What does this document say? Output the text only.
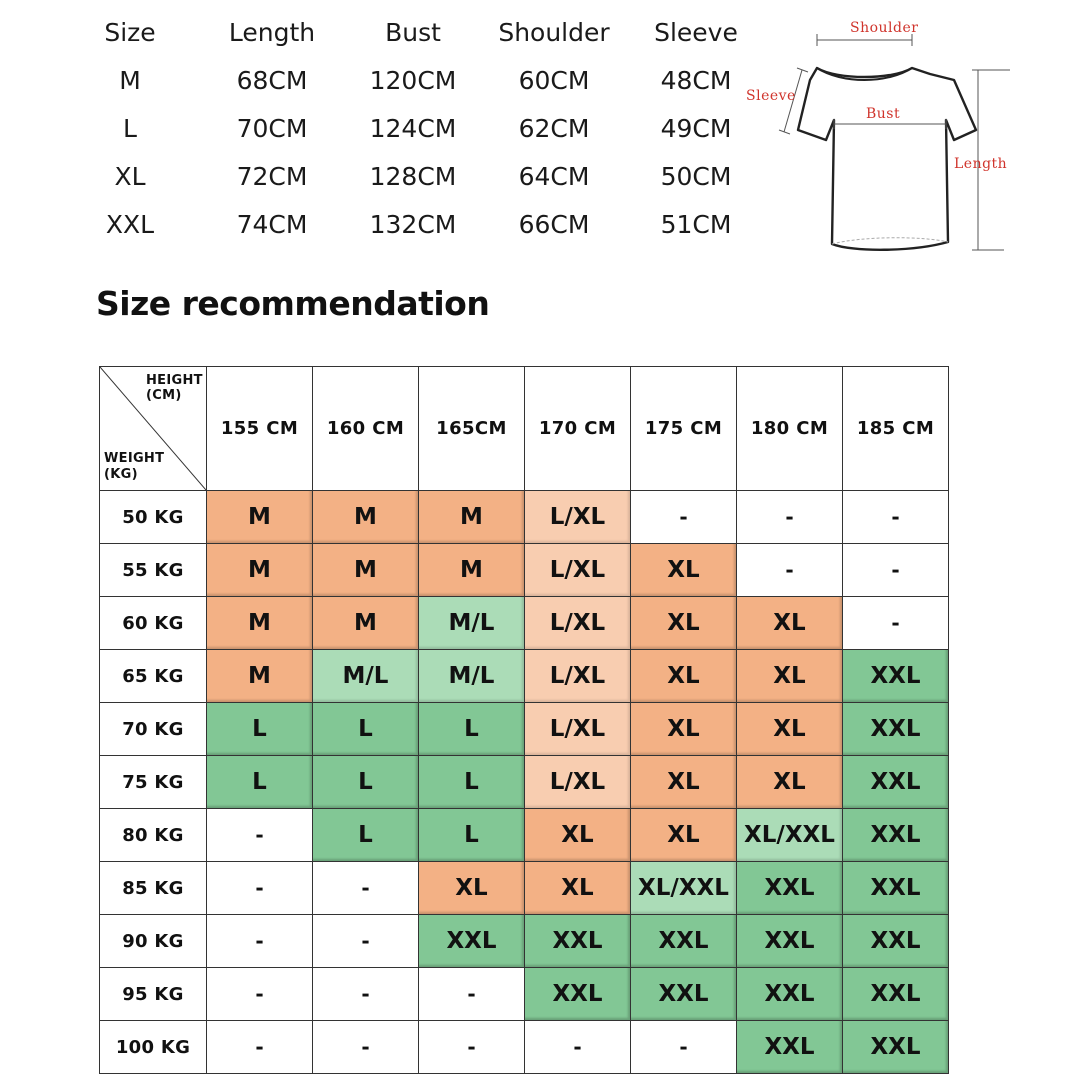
Size	Length	Bust	Shoulder	Sleeve
M	68CM	120CM	60CM	48CM
L	70CM	124CM	62CM	49CM
XL	72CM	128CM	64CM	50CM
XXL	74CM	132CM	66CM	51CM
Shoulder
Sleeve
Bust
Length
Size recommendation
HEIGHT
(CM)
WEIGHT
(KG)	155 CM	160 CM	165CM	170 CM	175 CM	180 CM	185 CM
50 KG	M	M	M	L/XL	-	-	-
55 KG	M	M	M	L/XL	XL	-	-
60 KG	M	M	M/L	L/XL	XL	XL	-
65 KG	M	M/L	M/L	L/XL	XL	XL	XXL
70 KG	L	L	L	L/XL	XL	XL	XXL
75 KG	L	L	L	L/XL	XL	XL	XXL
80 KG	-	L	L	XL	XL	XL/XXL	XXL
85 KG	-	-	XL	XL	XL/XXL	XXL	XXL
90 KG	-	-	XXL	XXL	XXL	XXL	XXL
95 KG	-	-	-	XXL	XXL	XXL	XXL
100 KG	-	-	-	-	-	XXL	XXL
